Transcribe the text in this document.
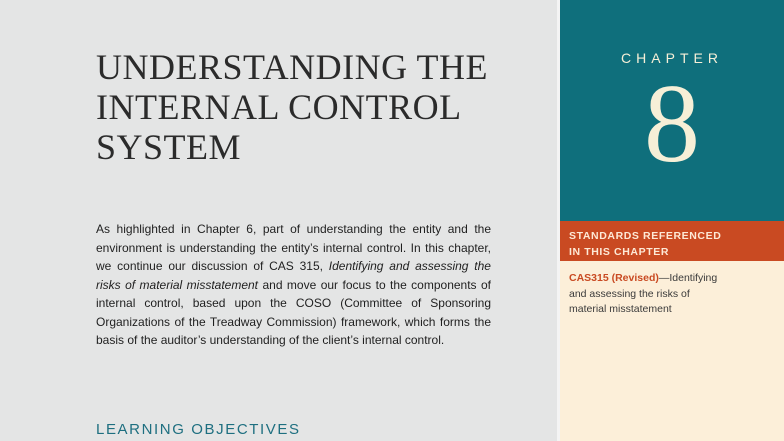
UNDERSTANDING THE
INTERNAL CONTROL
SYSTEM

As highlighted in Chapter 6, part of understanding the entity and the environment is understanding the entity’s internal control. In this chapter, we continue our discussion of CAS 315, Identifying and assessing the risks of material misstatement and move our focus to the components of internal control, based upon the COSO (Committee of Sponsoring Organizations of the Treadway Commission) framework, which forms the basis of the auditor’s understanding of the client’s internal control.

LEARNING OBJECTIVES
CHAPTER
8

STANDARDS REFERENCED
IN THIS CHAPTER

CAS315 (Revised)—Identifying and assessing the risks of material misstatement
